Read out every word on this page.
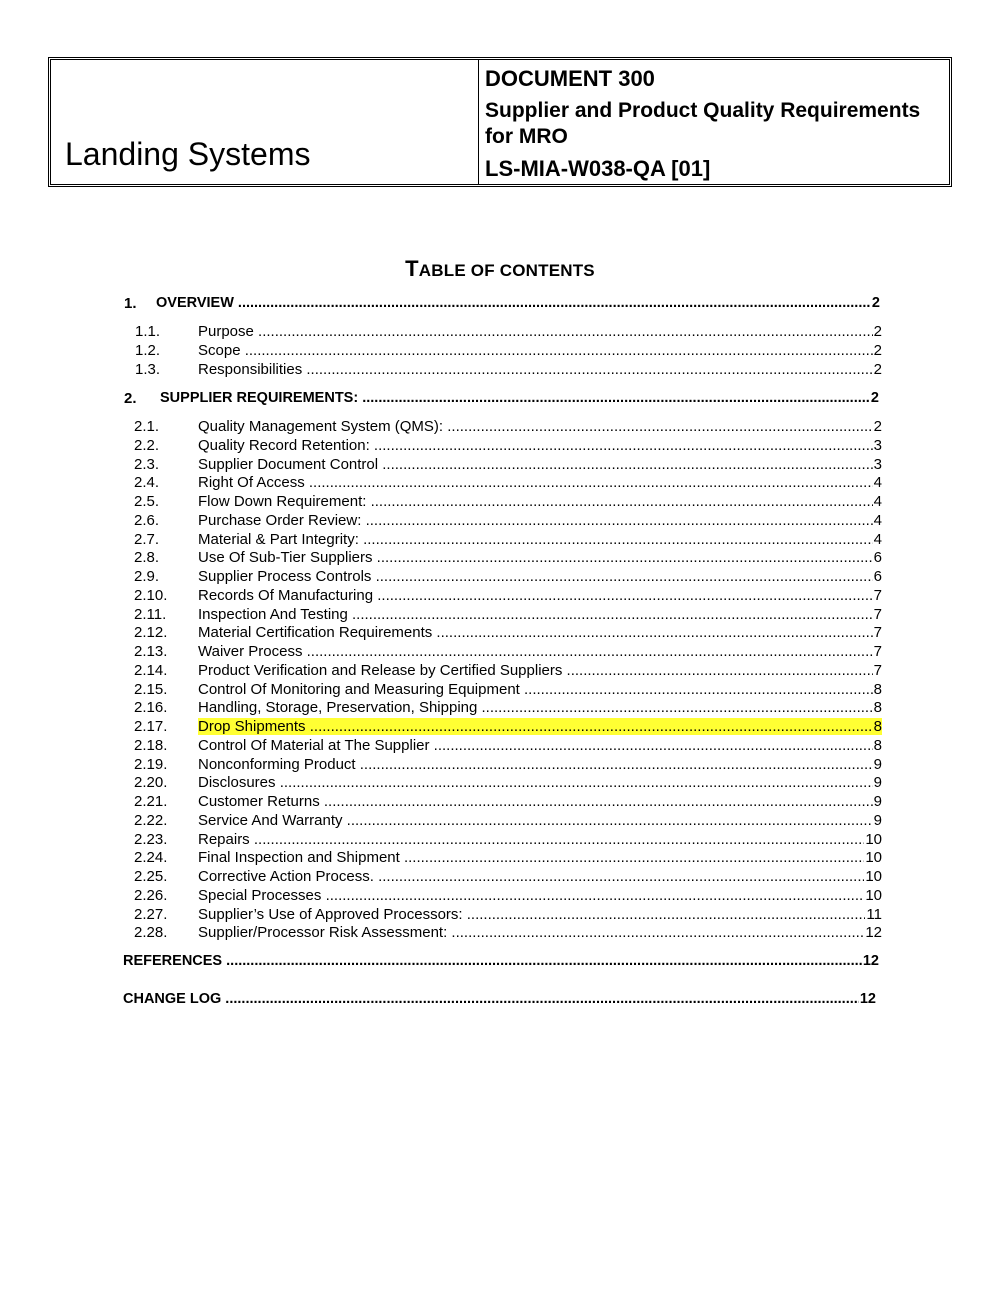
Landing Systems
DOCUMENT 300
Supplier and Product Quality Requirements for MRO
LS-MIA-W038-QA [01]
TABLE OF CONTENTS
1. OVERVIEW .....	2
1.1.	Purpose .....	2
1.2.	Scope .....	2
1.3.	Responsibilities .....	2
2. SUPPLIER REQUIREMENTS: .....	2
2.1.	Quality Management System (QMS): .....	2
2.2.	Quality Record Retention: .....	3
2.3.	Supplier Document Control .....	3
2.4.	Right Of Access .....	4
2.5.	Flow Down Requirement: .....	4
2.6.	Purchase Order Review: .....	4
2.7.	Material & Part Integrity: .....	4
2.8.	Use Of Sub-Tier Suppliers .....	6
2.9.	Supplier Process Controls .....	6
2.10. Records Of Manufacturing .....	7
2.11. Inspection And Testing .....	7
2.12. Material Certification Requirements .....	7
2.13. Waiver Process .....	7
2.14. Product Verification and Release by Certified Suppliers .....	7
2.15. Control Of Monitoring and Measuring Equipment .....	8
2.16. Handling, Storage, Preservation, Shipping .....	8
2.17. Drop Shipments .....	8
2.18. Control Of Material at The Supplier .....	8
2.19. Nonconforming Product .....	9
2.20. Disclosures .....	9
2.21. Customer Returns .....	9
2.22. Service And Warranty .....	9
2.23. Repairs .....	10
2.24. Final Inspection and Shipment .....	10
2.25. Corrective Action Process. .....	10
2.26. Special Processes .....	10
2.27. Supplier’s Use of Approved Processors: .....	11
2.28. Supplier/Processor Risk Assessment: .....	12
REFERENCES .....	12
CHANGE LOG .....	12
